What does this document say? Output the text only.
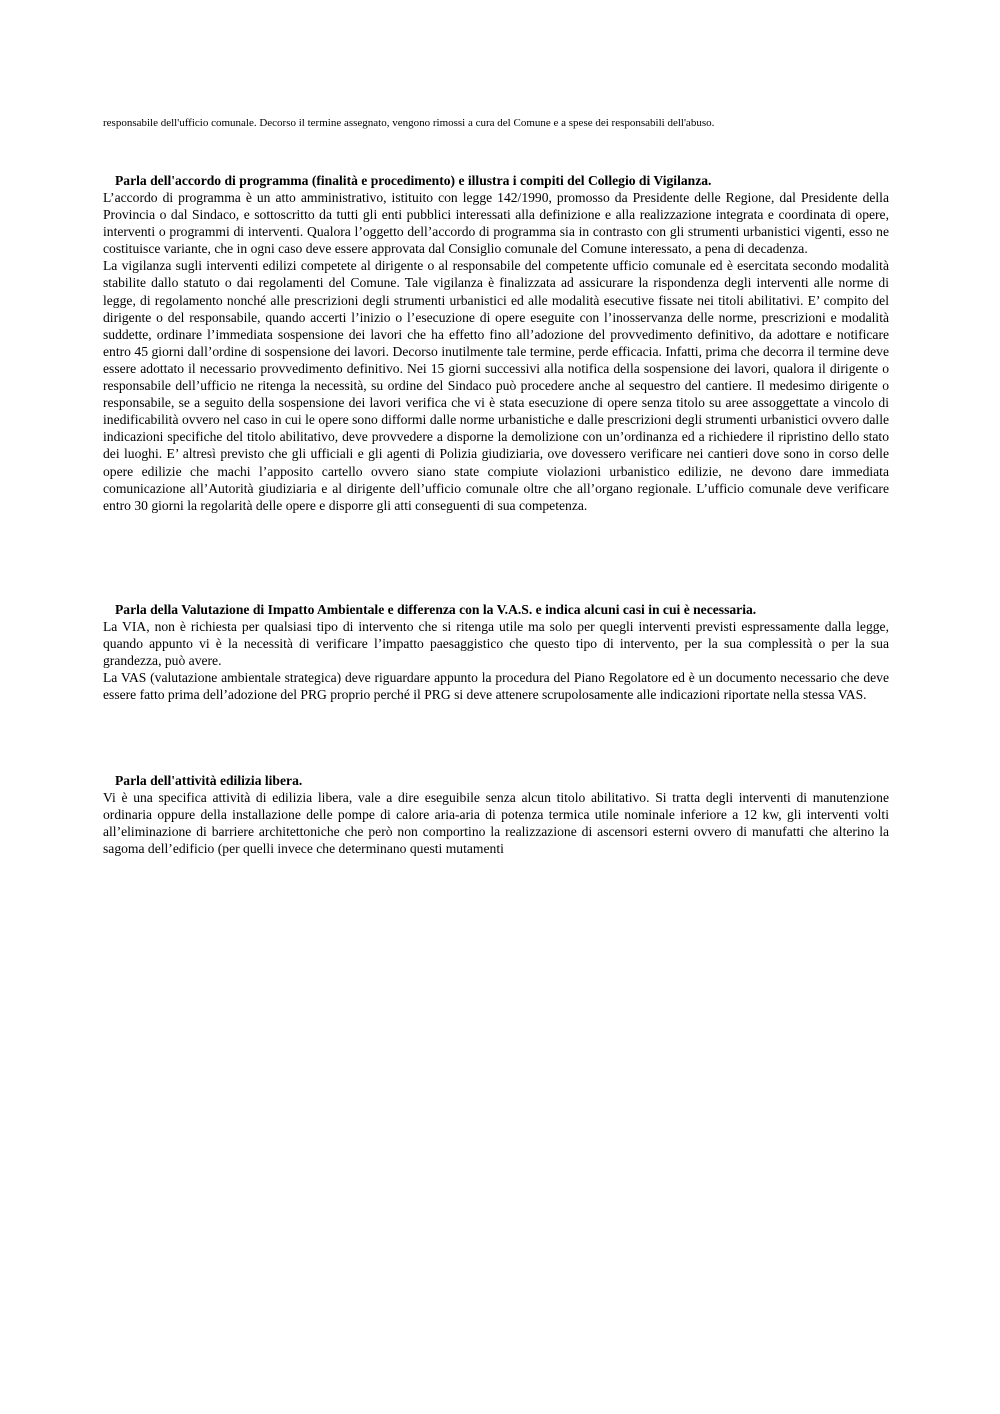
responsabile dell'ufficio comunale. Decorso il termine assegnato, vengono rimossi a cura del Comune e a spese dei responsabili dell'abuso.

Parla dell'accordo di programma (finalità e procedimento) e illustra i compiti del Collegio di Vigilanza.

L’accordo di programma è un atto amministrativo, istituito con legge 142/1990, promosso da Presidente delle Regione, dal Presidente della Provincia o dal Sindaco, e sottoscritto da tutti gli enti pubblici interessati alla definizione e alla realizzazione integrata e coordinata di opere, interventi o programmi di interventi. Qualora l’oggetto dell’accordo di programma sia in contrasto con gli strumenti urbanistici vigenti, esso ne costituisce variante, che in ogni caso deve essere approvata dal Consiglio comunale del Comune interessato, a pena di decadenza.

La vigilanza sugli interventi edilizi competete al dirigente o al responsabile del competente ufficio comunale ed è esercitata secondo modalità stabilite dallo statuto o dai regolamenti del Comune. Tale vigilanza è finalizzata ad assicurare la rispondenza degli interventi alle norme di legge, di regolamento nonché alle prescrizioni degli strumenti urbanistici ed alle modalità esecutive fissate nei titoli abilitativi. E’ compito del dirigente o del responsabile, quando accerti l’inizio o l’esecuzione di opere eseguite con l’inosservanza delle norme, prescrizioni e modalità suddette, ordinare l’immediata sospensione dei lavori che ha effetto fino all’adozione del provvedimento definitivo, da adottare e notificare entro 45 giorni dall’ordine di sospensione dei lavori. Decorso inutilmente tale termine, perde efficacia. Infatti, prima che decorra il termine deve essere adottato il necessario provvedimento definitivo. Nei 15 giorni successivi alla notifica della sospensione dei lavori, qualora il dirigente o responsabile dell’ufficio ne ritenga la necessità, su ordine del Sindaco può procedere anche al sequestro del cantiere. Il medesimo dirigente o responsabile, se a seguito della sospensione dei lavori verifica che vi è stata esecuzione di opere senza titolo su aree assoggettate a vincolo di inedificabilità ovvero nel caso in cui le opere sono difformi dalle norme urbanistiche e dalle prescrizioni degli strumenti urbanistici ovvero dalle indicazioni specifiche del titolo abilitativo, deve provvedere a disporne la demolizione con un’ordinanza ed a richiedere il ripristino dello stato dei luoghi. E’ altresì previsto che gli ufficiali e gli agenti di Polizia giudiziaria, ove dovessero verificare nei cantieri dove sono in corso delle opere edilizie che machi l’apposito cartello ovvero siano state compiute violazioni urbanistico edilizie, ne devono dare immediata comunicazione all’Autorità giudiziaria e al dirigente dell’ufficio comunale oltre che all’organo regionale. L’ufficio comunale deve verificare entro 30 giorni la regolarità delle opere e disporre gli atti conseguenti di sua competenza.

Parla della Valutazione di Impatto Ambientale e differenza con la V.A.S. e indica alcuni casi in cui è necessaria.

La VIA, non è richiesta per qualsiasi tipo di intervento che si ritenga utile ma solo per quegli interventi previsti espressamente dalla legge, quando appunto vi è la necessità di verificare l’impatto paesaggistico che questo tipo di intervento, per la sua complessità o per la sua grandezza, può avere.

La VAS (valutazione ambientale strategica) deve riguardare appunto la procedura del Piano Regolatore ed è un documento necessario che deve essere fatto prima dell’adozione del PRG proprio perché il PRG si deve attenere scrupolosamente alle indicazioni riportate nella stessa VAS.

Parla dell'attività edilizia libera.

Vi è una specifica attività di edilizia libera, vale a dire eseguibile senza alcun titolo abilitativo. Si tratta degli interventi di manutenzione ordinaria oppure della installazione delle pompe di calore aria-aria di potenza termica utile nominale inferiore a 12 kw, gli interventi volti all’eliminazione di barriere architettoniche che però non comportino la realizzazione di ascensori esterni ovvero di manufatti che alterino la sagoma dell’edificio (per quelli invece che determinano questi mutamenti
